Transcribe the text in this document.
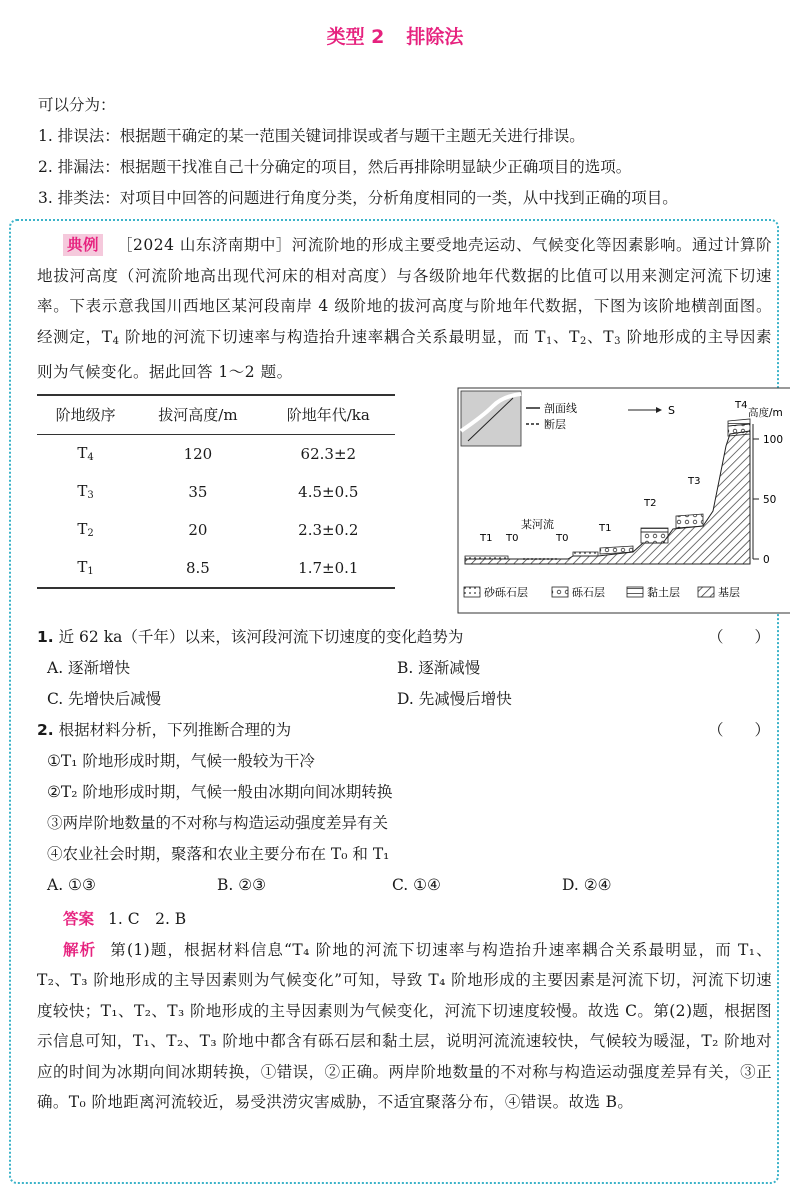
类型 2 排除法
可以分为：
1. 排误法：根据题干确定的某一范围关键词排误或者与题干主题无关进行排误。
2. 排漏法：根据题干找准自己十分确定的项目，然后再排除明显缺少正确项目的选项。
3. 排类法：对项目中回答的问题进行角度分类，分析角度相同的一类，从中找到正确的项目。
典例 ［2024 山东济南期中］河流阶地的形成主要受地壳运动、气候变化等因素影响。通过计算阶地拔河高度（河流阶地高出现代河床的相对高度）与各级阶地年代数据的比值可以用来测定河流下切速率。下表示意我国川西地区某河段南岸 4 级阶地的拔河高度与阶地年代数据，下图为该阶地横剖面图。经测定，$T_4$ 阶地的河流下切速率与构造抬升速率耦合关系最明显，而 $T_1$、$T_2$、$T_3$ 阶地形成的主导因素则为气候变化。据此回答 1～2 题。
阶地级序	拔河高度/m	阶地年代/ka
$T_4$	120	62.3±2
$T_3$	35	4.5±0.5
$T_2$	20	2.3±0.2
$T_1$	8.5	1.7±0.1
剖面线
断层
S	高度/m
100
50
0
某河流
T1 T0	T0
T1
T2
T3
T4
砂砾石层	砾石层	黏土层	基层
1. 近 62 ka（千年）以来，该河段河流下切速度的变化趋势为	（　　）
A. 逐渐增快	B. 逐渐减慢
C. 先增快后减慢	D. 先减慢后增快
2. 根据材料分析，下列推断合理的为	（　　）
①T₁ 阶地形成时期，气候一般较为干冷
②T₂ 阶地形成时期，气候一般由冰期向间冰期转换
③两岸阶地数量的不对称与构造运动强度差异有关
④农业社会时期，聚落和农业主要分布在 T₀ 和 T₁
A. ①③	B. ②③	C. ①④	D. ②④
答案 1. C　2. B
解析 第(1)题，根据材料信息“T₄ 阶地的河流下切速率与构造抬升速率耦合关系最明显，而 T₁、T₂、T₃ 阶地形成的主导因素则为气候变化”可知，导致 T₄ 阶地形成的主要因素是河流下切，河流下切速度较快；T₁、T₂、T₃ 阶地形成的主导因素则为气候变化，河流下切速度较慢。故选 C。第(2)题，根据图示信息可知，T₁、T₂、T₃ 阶地中都含有砾石层和黏土层，说明河流流速较快，气候较为暖湿，T₂ 阶地对应的时间为冰期向间冰期转换，①错误，②正确。两岸阶地数量的不对称与构造运动强度差异有关，③正确。T₀ 阶地距离河流较近，易受洪涝灾害威胁，不适宜聚落分布，④错误。故选 B。
